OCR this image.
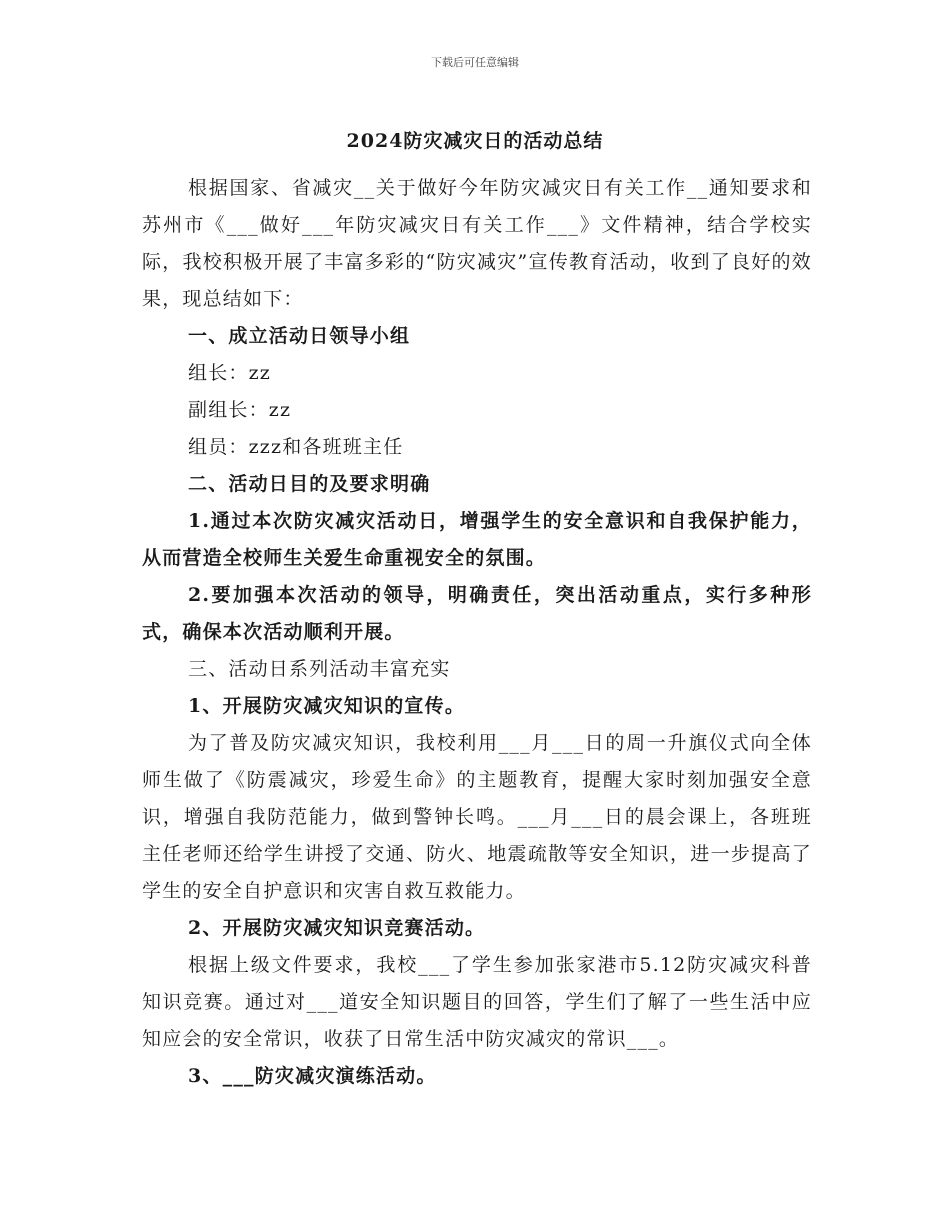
下载后可任意编辑
2024防灾减灾日的活动总结

根据国家、省减灾__关于做好今年防灾减灾日有关工作__通知要求和苏州市《___做好___年防灾减灾日有关工作___》文件精神，结合学校实际，我校积极开展了丰富多彩的“防灾减灾”宣传教育活动，收到了良好的效果，现总结如下：

一、成立活动日领导小组

组长：zz

副组长：zz

组员：zzz和各班班主任

二、活动日目的及要求明确

1.通过本次防灾减灾活动日，增强学生的安全意识和自我保护能力，从而营造全校师生关爱生命重视安全的氛围。

2.要加强本次活动的领导，明确责任，突出活动重点，实行多种形式，确保本次活动顺利开展。

三、活动日系列活动丰富充实

1、开展防灾减灾知识的宣传。

为了普及防灾减灾知识，我校利用___月___日的周一升旗仪式向全体师生做了《防震减灾，珍爱生命》的主题教育，提醒大家时刻加强安全意识，增强自我防范能力，做到警钟长鸣。___月___日的晨会课上，各班班主任老师还给学生讲授了交通、防火、地震疏散等安全知识，进一步提高了学生的安全自护意识和灾害自救互救能力。

2、开展防灾减灾知识竞赛活动。

根据上级文件要求，我校___了学生参加张家港市5.12防灾减灾科普知识竞赛。通过对___道安全知识题目的回答，学生们了解了一些生活中应知应会的安全常识，收获了日常生活中防灾减灾的常识___。

3、___防灾减灾演练活动。
